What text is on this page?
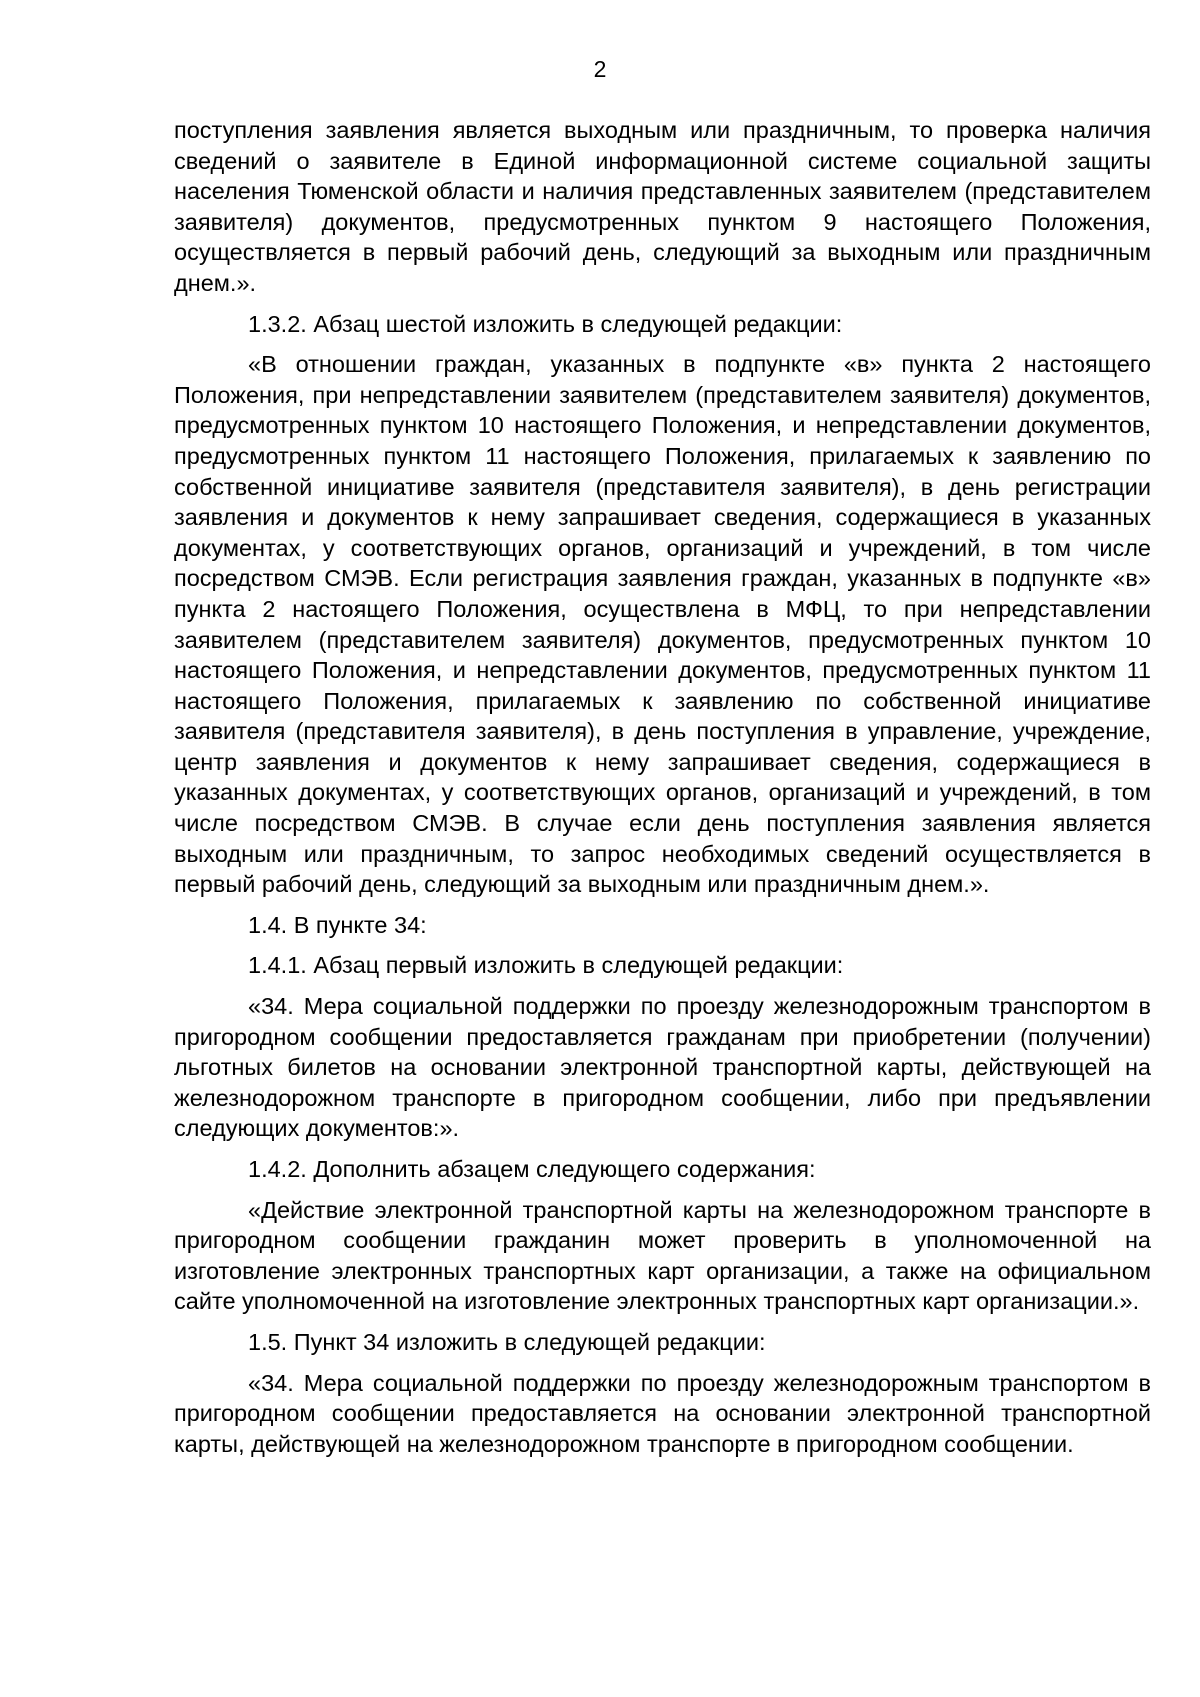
2

поступления заявления является выходным или праздничным, то проверка наличия сведений о заявителе в Единой информационной системе социальной защиты населения Тюменской области и наличия представленных заявителем (представителем заявителя) документов, предусмотренных пунктом 9 настоящего Положения, осуществляется в первый рабочий день, следующий за выходным или праздничным днем.».

1.3.2. Абзац шестой изложить в следующей редакции:

«В отношении граждан, указанных в подпункте «в» пункта 2 настоящего Положения, при непредставлении заявителем (представителем заявителя) документов, предусмотренных пунктом 10 настоящего Положения, и непредставлении документов, предусмотренных пунктом 11 настоящего Положения, прилагаемых к заявлению по собственной инициативе заявителя (представителя заявителя), в день регистрации заявления и документов к нему запрашивает сведения, содержащиеся в указанных документах, у соответствующих органов, организаций и учреждений, в том числе посредством СМЭВ. Если регистрация заявления граждан, указанных в подпункте «в» пункта 2 настоящего Положения, осуществлена в МФЦ, то при непредставлении заявителем (представителем заявителя) документов, предусмотренных пунктом 10 настоящего Положения, и непредставлении документов, предусмотренных пунктом 11 настоящего Положения, прилагаемых к заявлению по собственной инициативе заявителя (представителя заявителя), в день поступления в управление, учреждение, центр заявления и документов к нему запрашивает сведения, содержащиеся в указанных документах, у соответствующих органов, организаций и учреждений, в том числе посредством СМЭВ. В случае если день поступления заявления является выходным или праздничным, то запрос необходимых сведений осуществляется в первый рабочий день, следующий за выходным или праздничным днем.».

1.4. В пункте 34:

1.4.1. Абзац первый изложить в следующей редакции:

«34. Мера социальной поддержки по проезду железнодорожным транспортом в пригородном сообщении предоставляется гражданам при приобретении (получении) льготных билетов на основании электронной транспортной карты, действующей на железнодорожном транспорте в пригородном сообщении, либо при предъявлении следующих документов:».

1.4.2. Дополнить абзацем следующего содержания:

«Действие электронной транспортной карты на железнодорожном транспорте в пригородном сообщении гражданин может проверить в уполномоченной на изготовление электронных транспортных карт организации, а также на официальном сайте уполномоченной на изготовление электронных транспортных карт организации.».

1.5. Пункт 34 изложить в следующей редакции:

«34. Мера социальной поддержки по проезду железнодорожным транспортом в пригородном сообщении предоставляется на основании электронной транспортной карты, действующей на железнодорожном транспорте в пригородном сообщении.
